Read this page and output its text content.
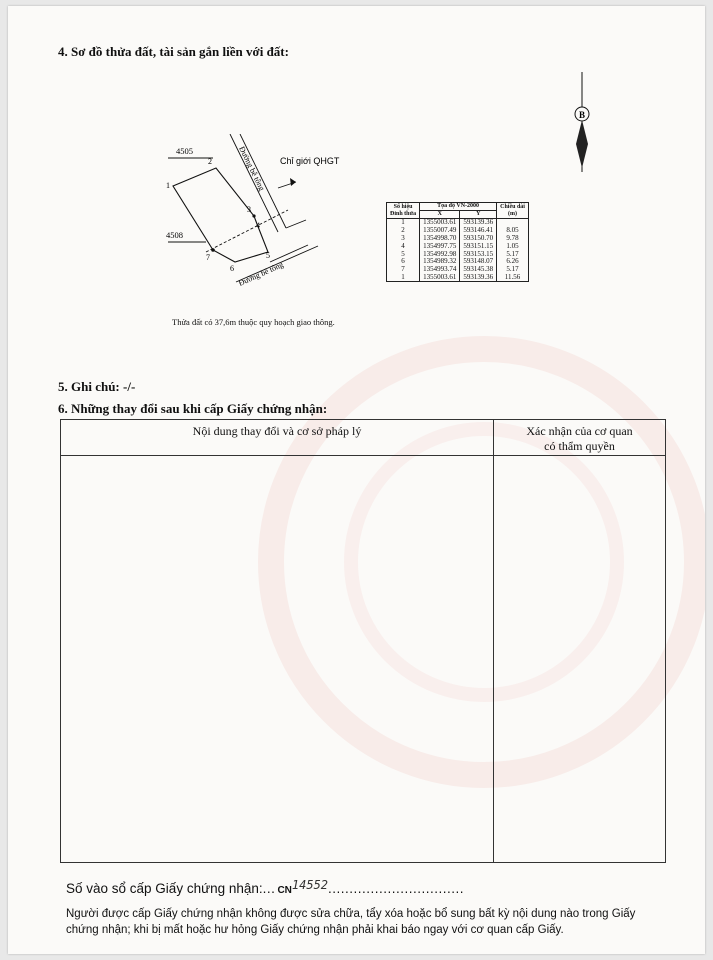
4. Sơ đồ thửa đất, tài sản gắn liền với đất:
4505
4508
Chỉ giới QHGT
Đường bê tông
Đường bê tông
1
2
3
4
5
6
7
Thửa đất có 37,6m thuộc quy hoạch giao thông.
B
Số hiệu
Đỉnh thửa	Tọa độ VN-2000		Chiều dài
(m)
	X	Y	
1	1355003.61	593139.36	
2	1355007.49	593146.41	8.05
3	1354998.70	593150.70	9.78
4	1354997.75	593151.15	1.05
5	1354992.98	593153.15	5.17
6	1354989.32	593148.07	6.26
7	1354993.74	593145.38	5.17
1	1355003.61	593139.36	11.56
5. Ghi chú: -/-
6. Những thay đổi sau khi cấp Giấy chứng nhận:
Nội dung thay đổi và cơ sở pháp lý	Xác nhận của cơ quan
có thẩm quyền

Số vào sổ cấp Giấy chứng nhận:... CN14552................................
Người được cấp Giấy chứng nhận không được sửa chữa, tẩy xóa hoặc bổ sung bất kỳ nội dung nào trong Giấy chứng nhận; khi bị mất hoặc hư hỏng Giấy chứng nhận phải khai báo ngay với cơ quan cấp Giấy.
